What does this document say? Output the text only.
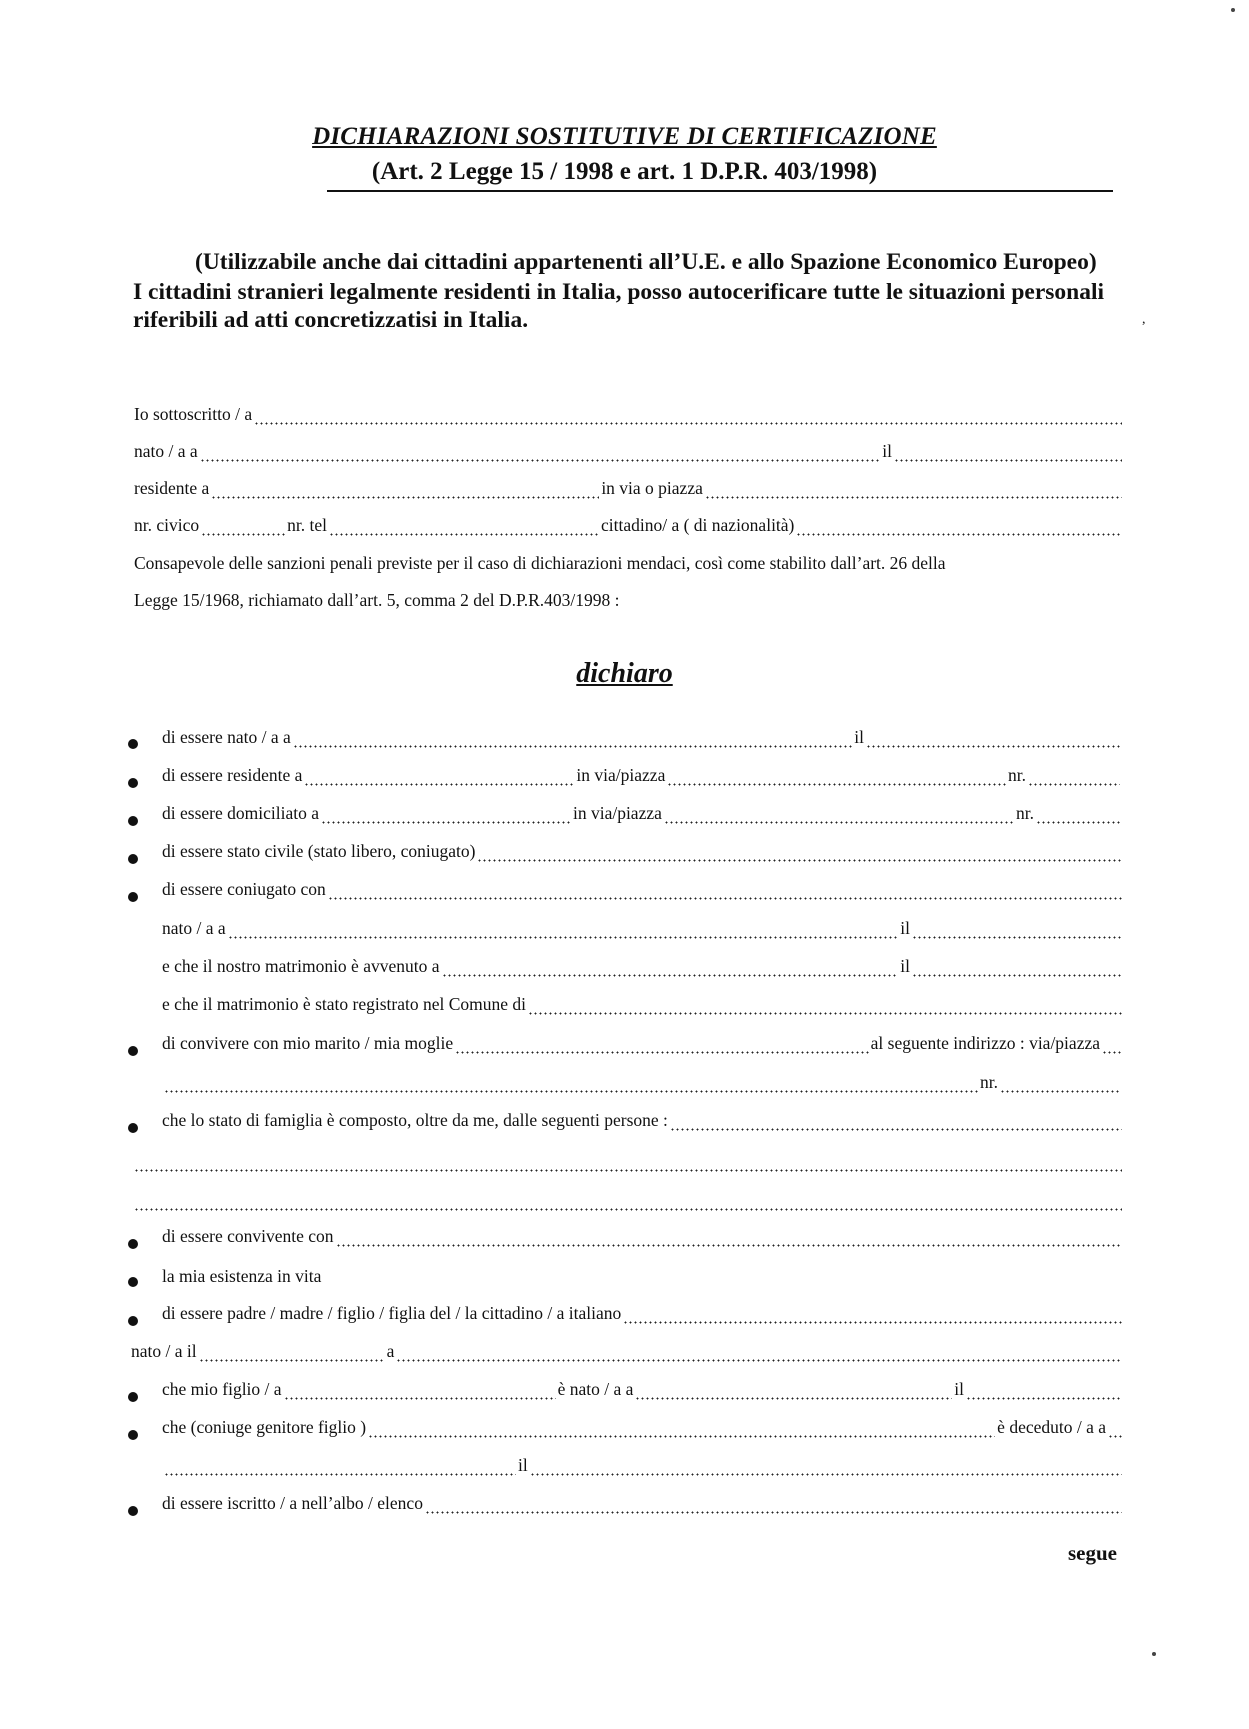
DICHIARAZIONI SOSTITUTIVE DI CERTIFICAZIONE
(Art. 2 Legge 15 / 1998 e art. 1 D.P.R. 403/1998)
(Utilizzabile anche dai cittadini appartenenti all’U.E. e allo Spazione Economico Europeo)
I cittadini stranieri legalmente residenti in Italia, posso autocerificare tutte le situazioni personali
riferibili ad atti concretizzatisi in Italia.	,
Io sottoscritto / a
nato / a a	il
residente a	in via o piazza
nr. civico	nr. tel	cittadino/ a ( di nazionalità)
Consapevole delle sanzioni penali previste per il caso di dichiarazioni mendaci, così come stabilito dall’art. 26 della
Legge 15/1968, richiamato dall’art. 5, comma 2 del D.P.R.403/1998 :
dichiaro
di essere nato / a a	il
di essere residente a	in via/piazza	nr.
di essere domiciliato a	in via/piazza	nr.
di essere stato civile (stato libero, coniugato)
di essere coniugato con
nato / a a	il
e che il nostro matrimonio è avvenuto a	il
e che il matrimonio è stato registrato nel Comune di
di convivere con mio marito / mia moglie	al seguente indirizzo : via/piazza
nr.
che lo stato di famiglia è composto, oltre da me, dalle seguenti persone :
di essere convivente con
la mia esistenza in vita
di essere padre / madre / figlio / figlia del / la cittadino / a italiano
nato / a il	a
che mio figlio / a	è nato / a a	il
che (coniuge genitore figlio )	è deceduto / a a
il
di essere iscritto / a nell’albo / elenco
segue
